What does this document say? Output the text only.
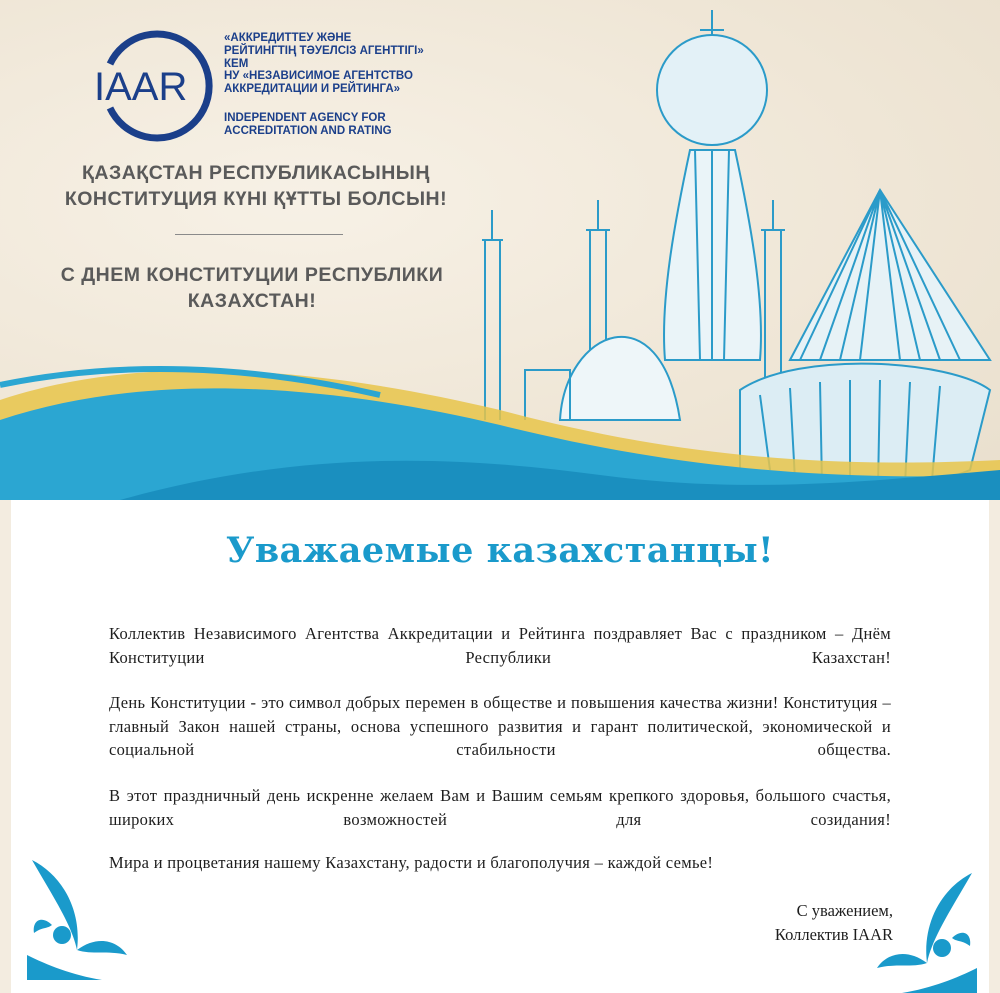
IAAR
«АККРЕДИТТЕУ ЖӘНЕ РЕЙТИНГТІҢ ТӘУЕЛСІЗ АГЕНТТІГІ» КЕМ
НУ «НЕЗАВИСИМОЕ АГЕНТСТВО АККРЕДИТАЦИИ И РЕЙТИНГА»
INDEPENDENT AGENCY FOR ACCREDITATION AND RATING
ҚАЗАҚСТАН РЕСПУБЛИКАСЫНЫҢ КОНСТИТУЦИЯ КҮНІ ҚҰТТЫ БОЛСЫН!
С ДНЕМ КОНСТИТУЦИИ РЕСПУБЛИКИ КАЗАХСТАН!
Уважаемые казахстанцы!
Коллектив Независимого Агентства Аккредитации и Рейтинга поздравляет Вас с праздником – Днём Конституции Республики Казахстан!
День Конституции - это символ добрых перемен в обществе и повышения качества жизни! Конституция – главный Закон нашей страны, основа успешного развития и гарант политической, экономической и социальной стабильности общества.
В этот праздничный день искренне желаем Вам и Вашим семьям крепкого здоровья, большого счастья, широких возможностей для созидания!
Мира и процветания нашему Казахстану, радости и благополучия – каждой семье!
С уважением,
Коллектив IAAR
